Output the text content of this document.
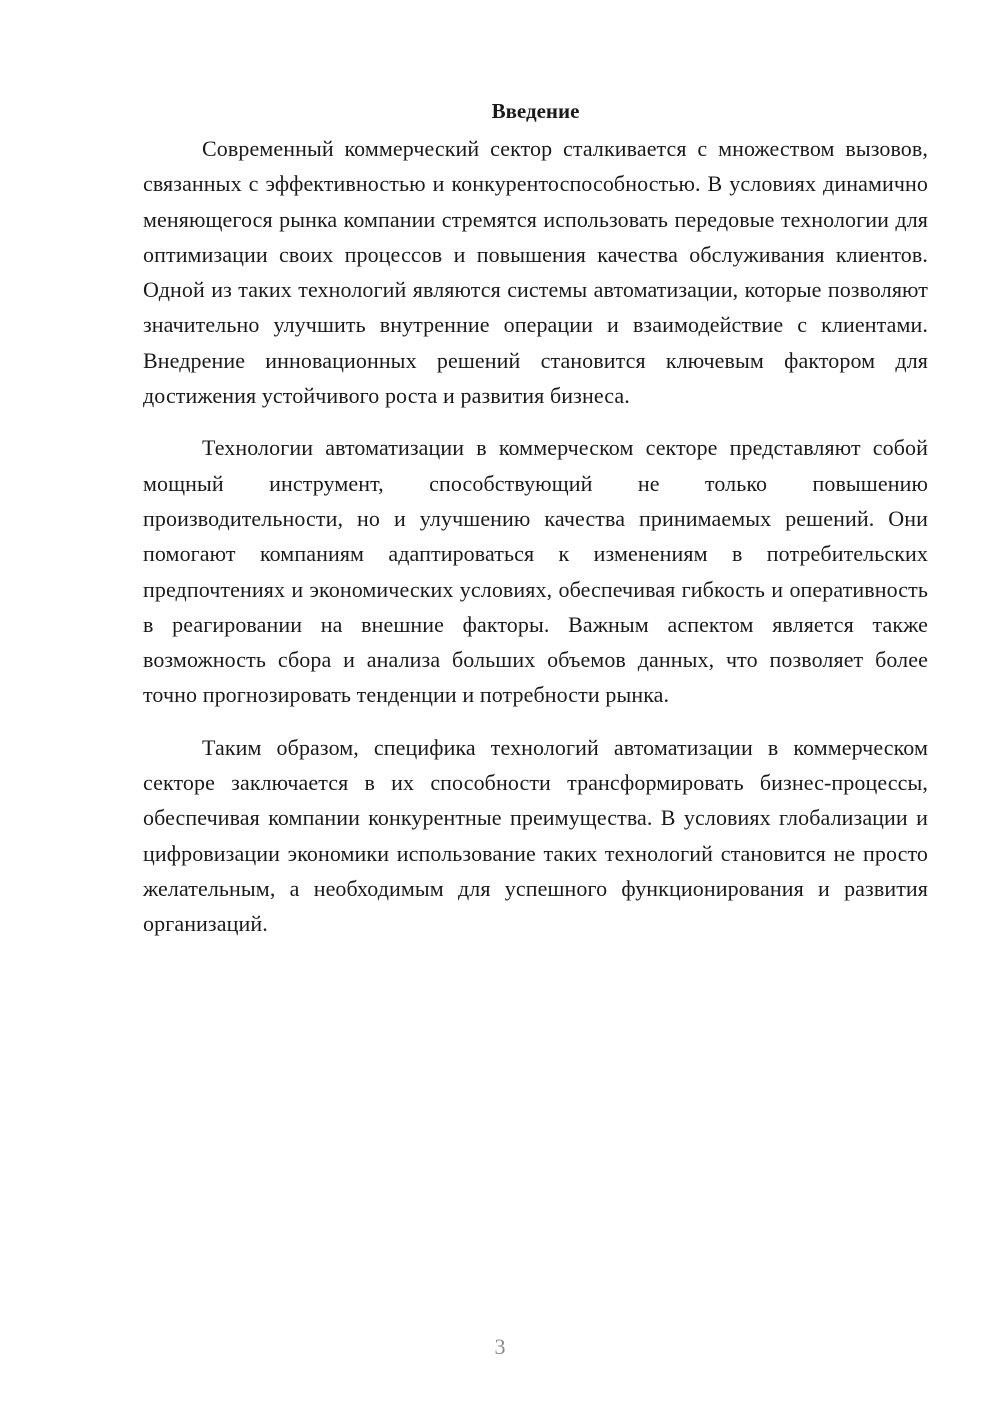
Введение

Современный коммерческий сектор сталкивается с множеством вызовов, связанных с эффективностью и конкурентоспособностью. В условиях динамично меняющегося рынка компании стремятся использовать передовые технологии для оптимизации своих процессов и повышения качества обслуживания клиентов. Одной из таких технологий являются системы автоматизации, которые позволяют значительно улучшить внутренние операции и взаимодействие с клиентами. Внедрение инновационных решений становится ключевым фактором для достижения устойчивого роста и развития бизнеса.

Технологии автоматизации в коммерческом секторе представляют собой мощный инструмент, способствующий не только повышению производительности, но и улучшению качества принимаемых решений. Они помогают компаниям адаптироваться к изменениям в потребительских предпочтениях и экономических условиях, обеспечивая гибкость и оперативность в реагировании на внешние факторы. Важным аспектом является также возможность сбора и анализа больших объемов данных, что позволяет более точно прогнозировать тенденции и потребности рынка.

Таким образом, специфика технологий автоматизации в коммерческом секторе заключается в их способности трансформировать бизнес-процессы, обеспечивая компании конкурентные преимущества. В условиях глобализации и цифровизации экономики использование таких технологий становится не просто желательным, а необходимым для успешного функционирования и развития организаций.

3
